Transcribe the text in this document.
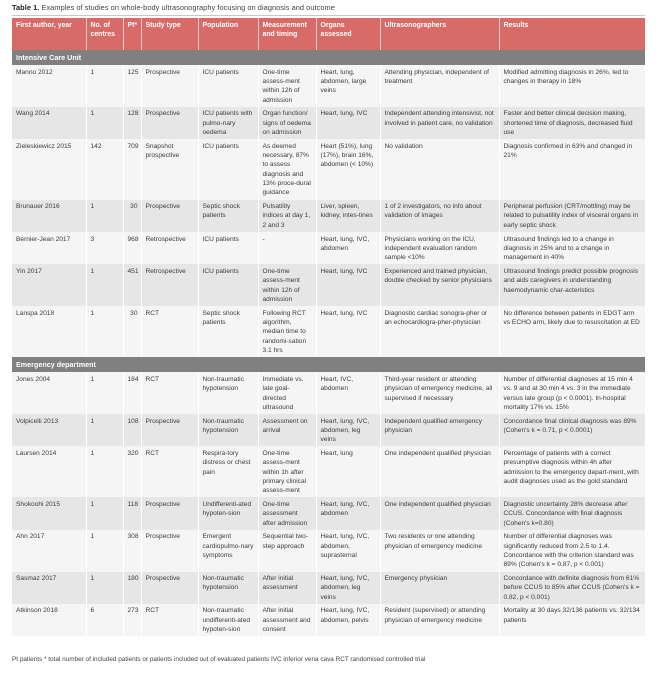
Table 1. Examples of studies on whole-body ultrasonography focusing on diagnosis and outcome
First author, year	No. of centres	Pt*	Study type	Population	Measurement and timing	Organs assessed	Ultrasonographers	Results
Intensive Care Unit								
Manno 2012	1	125	Prospective	ICU patients	One-time assess-ment within 12h of admission	Heart, lung, abdomen, large veins	Attending physician, independent of treatment	Modified admitting diagnosis in 26%, led to changes in therapy in 18%
Wang 2014	1	128	Prospective	ICU patients with pulmo-nary oedema	Organ function/ signs of oedema on admission	Heart, lung, IVC	Independent attending intensivist, not involved in patient care, no validation	Faster and better clinical decision making, shortened time of diagnosis, decreased fluid use
Zieleskiewicz 2015	142	709	Snapshot prospective	ICU patients	As deemed necessary, 87% to assess diagnosis and 13% proce-dural guidance	Heart (51%), lung (17%), brain 16%, abdomen (< 10%)	No validation	Diagnosis confirmed in 63% and changed in 21%
Brunauer 2016	1	30	Prospective	Septic shock patients	Pulsatility indices at day 1, 2 and 3	Liver, spleen, kidney, intes-tines	1 of 2 investigators, no info about validation of images	Peripheral perfusion (CRT/mottling) may be related to pulsatility index of visceral organs in early septic shock
Bernier-Jean 2017	3	968	Retrospective	ICU patients	-	Heart, lung, IVC, abdomen	Physicians working on the ICU, independent evaluation random sample <10%	Ultrasound findings led to a change in diagnosis in 25% and to a change in management in 40%
Yin 2017	1	451	Retrospective	ICU patients	One-time assess-ment within 12h of admission	Heart, lung, IVC	Experienced and trained physician, double checked by senior physicians	Ultrasound findings predict possible prognosis and aids caregivers in understanding haemodynamic char-acteristics
Lanspa 2018	1	30	RCT	Septic shock patients	Following RCT algorithm, median time to randomi-sation 3.1 hrs	Heart, lung, IVC	Diagnostic cardiac sonogra-pher or an echocardiogra-pher-physician	No difference between patients in EDGT arm vs ECHO arm, likely due to resuscitation at ED
Emergency department								
Jones 2004	1	184	RCT	Non-traumatic hypotension	Immediate vs. late goal-directed ultrasound	Heart, IVC, abdomen	Third-year resident or attending physician of emergency medicine, all supervised if necessary	Number of differential diagnoses at 15 min 4 vs. 9 and at 30 min 4 vs. 3 in the immediate versus late group (p < 0.0001). In-hospital mortality 17% vs. 15%
Volpicelli 2013	1	108	Prospective	Non-traumatic hypotension	Assessment on arrival	Heart, lung, IVC, abdomen, leg veins	Independent qualified emergency physician	Concordance final clinical diagnosis was 89% (Cohen's k = 0.71, p < 0.0001)
Laursen 2014	1	320	RCT	Respira-tory distress or chest pain	One-time assess-ment within 1h after primary clinical assess-ment	Heart, lung	One independent qualified physician	Percentage of patients with a correct presumptive diagnosis within 4h after admission to the emergency depart-ment, with audit diagnoses used as the gold standard
Shokoohi 2015	1	118	Prospective	Undifferenti-ated hypoten-sion	One-time assessment after admission	Heart, lung, IVC, abdomen	One independent qualified physician	Diagnostic uncertainty 28% decrease after CCUS. Concordance with final diagnosis (Cohen's k=0.80)
Ahn 2017	1	308	Prospective	Emergent cardiopulmo-nary symptoms	Sequential two-step approach	Heart, lung, IVC, abdomen, suprasternal	Two residents or one attending physician of emergency medicine	Number of differential diagnoses was significantly reduced from 2.5 to 1.4. Concordance with the criterion standard was 89% (Cohen's k = 0.87, p < 0.001)
Sasmaz 2017	1	180	Prospective	Non-traumatic hypotension	After initial assessment	Heart, lung, IVC, abdomen, leg veins	Emergency physician	Concordance with definite diagnosis from 61% before CCUS to 85% after CCUS (Cohen's k = 0.82, p < 0.001)
Atkinson 2018	6	273	RCT	Non-traumatic undifferenti-ated hypoten-sion	After initial assessment and consent	Heart, lung, IVC, abdomen, pelvis	Resident (supervised) or attending physician of emergency medicine	Mortality at 30 days 32/136 patients vs. 32/134 patients
Pt patients * total number of included patients or patients included out of evaluated patients IVC inferior vena cava RCT randomised controlled trial
